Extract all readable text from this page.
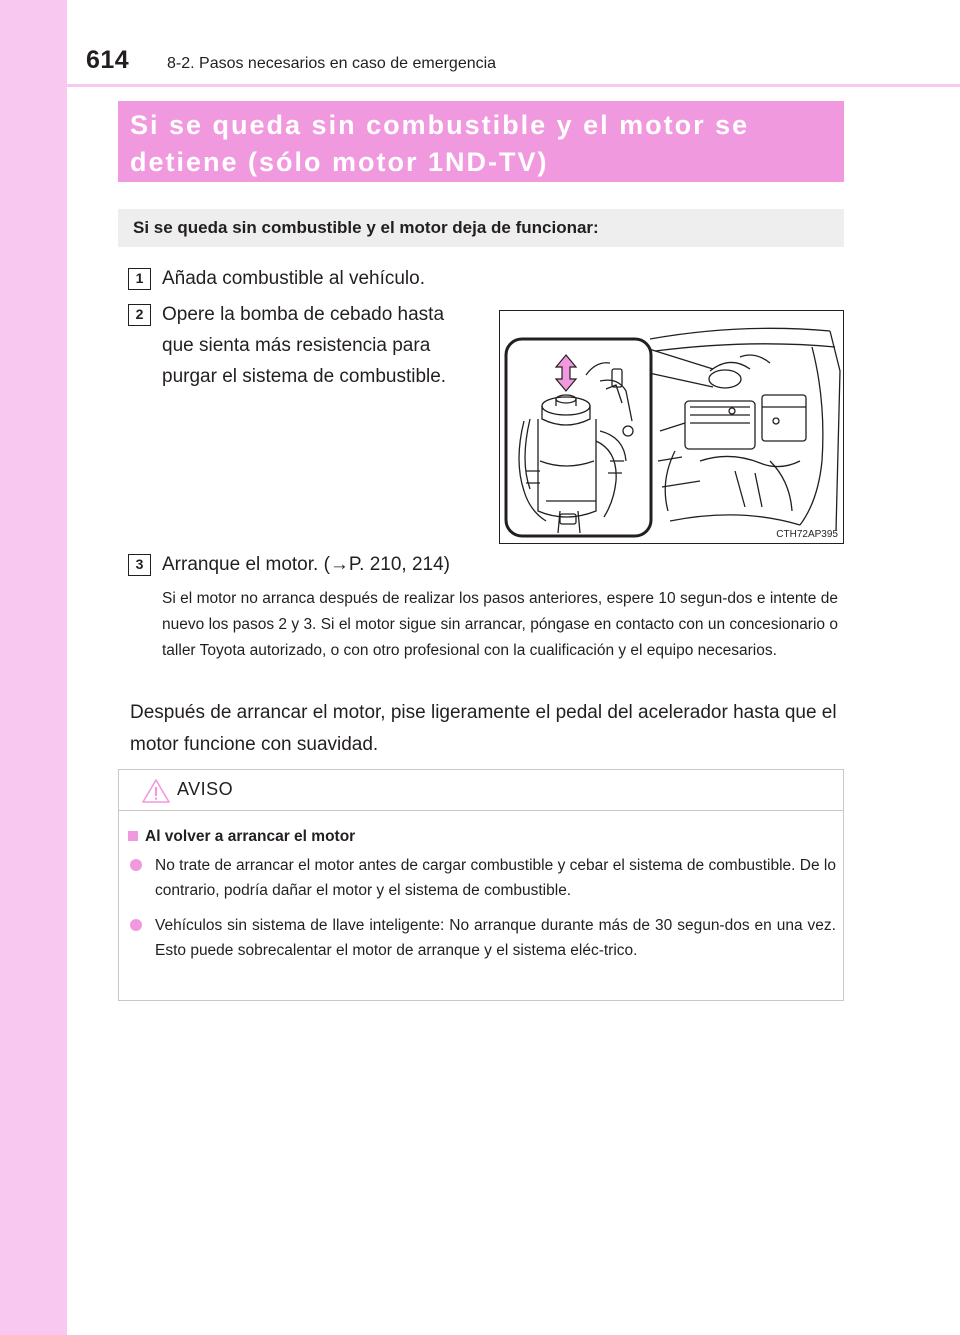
614 8-2. Pasos necesarios en caso de emergencia
Si se queda sin combustible y el motor se
detiene (sólo motor 1ND-TV)
Si se queda sin combustible y el motor deja de funcionar:
1 Añada combustible al vehículo.
2 Opere la bomba de cebado hasta
que sienta más resistencia para
purgar el sistema de combustible.
CTH72AP395
3 Arranque el motor. (→P. 210, 214)
Si el motor no arranca después de realizar los pasos anteriores, espere 10 segun-dos e intente de nuevo los pasos 2 y 3. Si el motor sigue sin arrancar, póngase en contacto con un concesionario o taller Toyota autorizado, o con otro profesional con la cualificación y el equipo necesarios.
Después de arrancar el motor, pise ligeramente el pedal del acelerador hasta que el motor funcione con suavidad.
AVISO
Al volver a arrancar el motor
No trate de arrancar el motor antes de cargar combustible y cebar el sistema de combustible. De lo contrario, podría dañar el motor y el sistema de combustible.
Vehículos sin sistema de llave inteligente: No arranque durante más de 30 segun-dos en una vez. Esto puede sobrecalentar el motor de arranque y el sistema eléc-trico.
